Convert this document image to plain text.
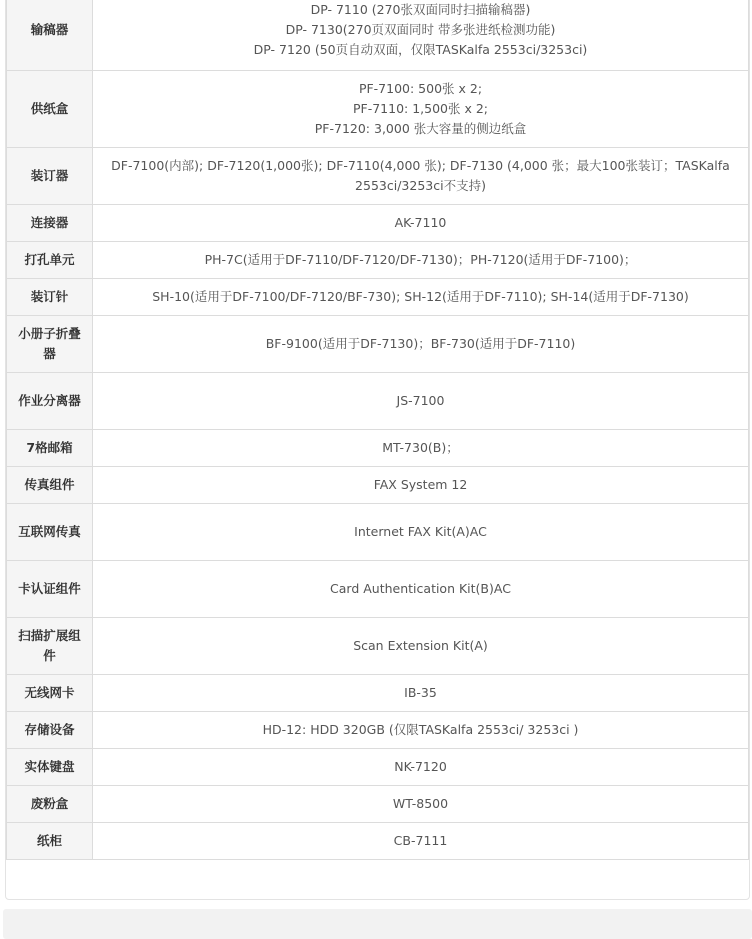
输稿器	DP- 7110 (270张双面同时扫描输稿器)
DP- 7130(270页双面同时 带多张进纸检测功能)
DP- 7120 (50页自动双面，仅限TASKalfa 2553ci/3253ci)

供纸盒	PF-7100: 500张 x 2;
PF-7110: 1,500张 x 2;
PF-7120: 3,000 张大容量的侧边纸盒

装订器	DF-7100(内部); DF-7120(1,000张); DF-7110(4,000 张); DF-7130 (4,000 张；最大100张装订；TASKalfa 2553ci/3253ci不支持)

连接器	AK-7110

打孔单元	PH-7C(适用于DF-7110/DF-7120/DF-7130)；PH-7120(适用于DF-7100)；

装订针	SH-10(适用于DF-7100/DF-7120/BF-730); SH-12(适用于DF-7110); SH-14(适用于DF-7130)

小册子折叠器	BF-9100(适用于DF-7130)；BF-730(适用于DF-7110)

作业分离器	JS-7100

7格邮箱	MT-730(B)；

传真组件	FAX System 12

互联网传真	Internet FAX Kit(A)AC

卡认证组件	Card Authentication Kit(B)AC

扫描扩展组件	Scan Extension Kit(A)

无线网卡	IB-35

存储设备	HD-12: HDD 320GB (仅限TASKalfa 2553ci/ 3253ci )

实体键盘	NK-7120

废粉盒	WT-8500

纸柜	CB-7111
